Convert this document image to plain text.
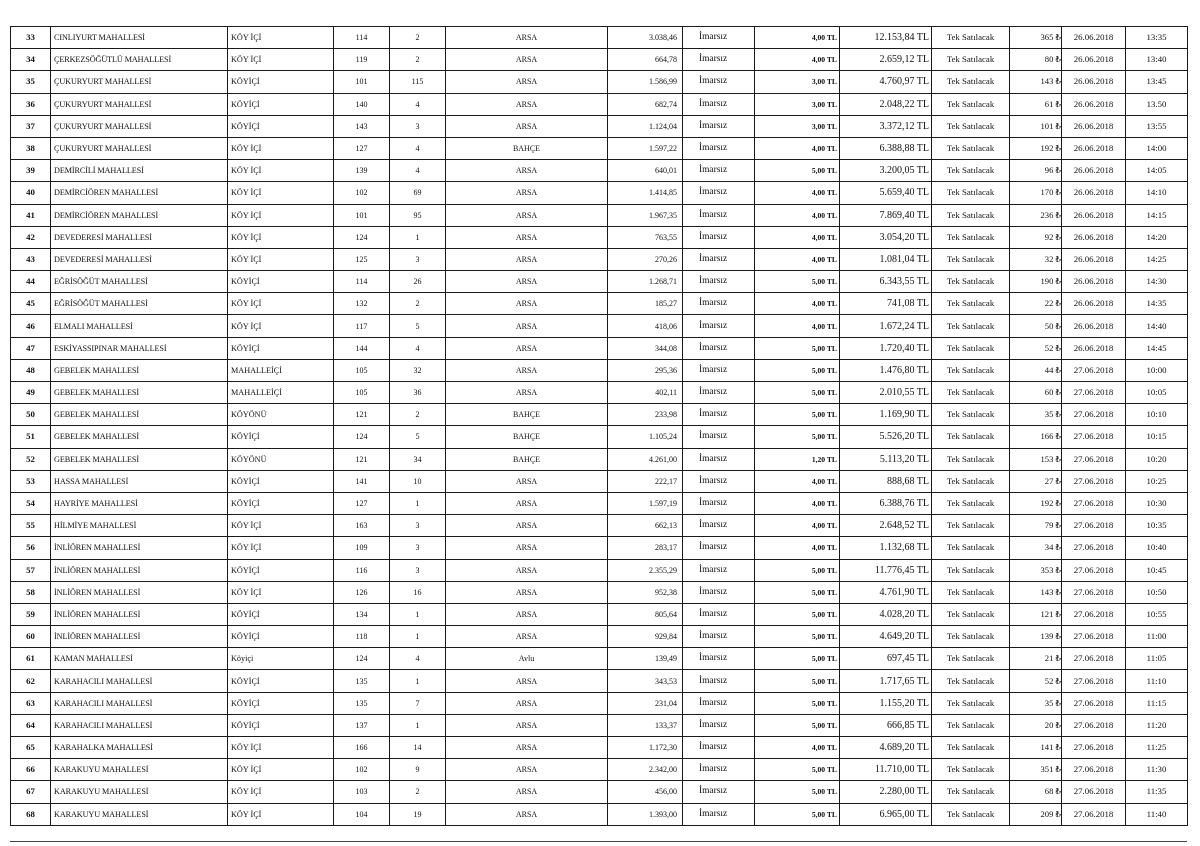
33	CINLIYURT MAHALLESİ	KÖY İÇİ	114	2	ARSA	3.038,46	İmarsız	4,00 TL	12.153,84 TL	Tek Satılacak	365 ₺	26.06.2018	13:35
34	ÇERKEZSÖĞÜTLÜ MAHALLESİ	KÖY İÇİ	119	2	ARSA	664,78	İmarsız	4,00 TL	2.659,12 TL	Tek Satılacak	80 ₺	26.06.2018	13:40
35	ÇUKURYURT MAHALLESİ	KÖYİÇİ	101	115	ARSA	1.586,99	İmarsız	3,00 TL	4.760,97 TL	Tek Satılacak	143 ₺	26.06.2018	13:45
36	ÇUKURYURT MAHALLESİ	KÖYİÇİ	140	4	ARSA	682,74	İmarsız	3,00 TL	2.048,22 TL	Tek Satılacak	61 ₺	26.06.2018	13.50
37	ÇUKURYURT MAHALLESİ	KÖYİÇİ	143	3	ARSA	1.124,04	İmarsız	3,00 TL	3.372,12 TL	Tek Satılacak	101 ₺	26.06.2018	13:55
38	ÇUKURYURT MAHALLESİ	KÖY İÇİ	127	4	BAHÇE	1.597,22	İmarsız	4,00 TL	6.388,88 TL	Tek Satılacak	192 ₺	26.06.2018	14:00
39	DEMİRCİLİ MAHALLESİ	KÖY İÇİ	139	4	ARSA	640,01	İmarsız	5,00 TL	3.200,05 TL	Tek Satılacak	96 ₺	26.06.2018	14:05
40	DEMİRCİÖREN MAHALLESİ	KÖY İÇİ	102	69	ARSA	1.414,85	İmarsız	4,00 TL	5.659,40 TL	Tek Satılacak	170 ₺	26.06.2018	14:10
41	DEMİRCİÖREN MAHALLESİ	KÖY İÇİ	101	95	ARSA	1.967,35	İmarsız	4,00 TL	7.869,40 TL	Tek Satılacak	236 ₺	26.06.2018	14:15
42	DEVEDERESİ MAHALLESİ	KÖY İÇİ	124	1	ARSA	763,55	İmarsız	4,00 TL	3.054,20 TL	Tek Satılacak	92 ₺	26.06.2018	14:20
43	DEVEDERESİ MAHALLESİ	KÖY İÇİ	125	3	ARSA	270,26	İmarsız	4,00 TL	1.081,04 TL	Tek Satılacak	32 ₺	26.06.2018	14:25
44	EĞRİSÖĞÜT MAHALLESİ	KÖYİÇİ	114	26	ARSA	1.268,71	İmarsız	5,00 TL	6.343,55 TL	Tek Satılacak	190 ₺	26.06.2018	14:30
45	EĞRİSÖĞÜT MAHALLESİ	KÖY İÇİ	132	2	ARSA	185,27	İmarsız	4,00 TL	741,08 TL	Tek Satılacak	22 ₺	26.06.2018	14:35
46	ELMALI MAHALLESİ	KÖY İÇİ	117	5	ARSA	418,06	İmarsız	4,00 TL	1.672,24 TL	Tek Satılacak	50 ₺	26.06.2018	14:40
47	ESKİYASSIPINAR MAHALLESİ	KÖYİÇİ	144	4	ARSA	344,08	İmarsız	5,00 TL	1.720,40 TL	Tek Satılacak	52 ₺	26.06.2018	14:45
48	GEBELEK MAHALLESİ	MAHALLEİÇİ	105	32	ARSA	295,36	İmarsız	5,00 TL	1.476,80 TL	Tek Satılacak	44 ₺	27.06.2018	10:00
49	GEBELEK MAHALLESİ	MAHALLEİÇİ	105	36	ARSA	402,11	İmarsız	5,00 TL	2.010,55 TL	Tek Satılacak	60 ₺	27.06.2018	10:05
50	GEBELEK MAHALLESİ	KÖYÖNÜ	121	2	BAHÇE	233,98	İmarsız	5,00 TL	1.169,90 TL	Tek Satılacak	35 ₺	27.06.2018	10:10
51	GEBELEK MAHALLESİ	KÖYİÇİ	124	5	BAHÇE	1.105,24	İmarsız	5,00 TL	5.526,20 TL	Tek Satılacak	166 ₺	27.06.2018	10:15
52	GEBELEK MAHALLESİ	KÖYÖNÜ	121	34	BAHÇE	4.261,00	İmarsız	1,20 TL	5.113,20 TL	Tek Satılacak	153 ₺	27.06.2018	10:20
53	HASSA MAHALLESİ	KÖYİÇİ	141	10	ARSA	222,17	İmarsız	4,00 TL	888,68 TL	Tek Satılacak	27 ₺	27.06.2018	10:25
54	HAYRİYE MAHALLESİ	KÖYİÇİ	127	1	ARSA	1.597,19	İmarsız	4,00 TL	6.388,76 TL	Tek Satılacak	192 ₺	27.06.2018	10:30
55	HİLMİYE MAHALLESİ	KÖY İÇİ	163	3	ARSA	662,13	İmarsız	4,00 TL	2.648,52 TL	Tek Satılacak	79 ₺	27.06.2018	10:35
56	İNLİÖREN MAHALLESİ	KÖY İÇİ	109	3	ARSA	283,17	İmarsız	4,00 TL	1.132,68 TL	Tek Satılacak	34 ₺	27.06.2018	10:40
57	İNLİÖREN MAHALLESİ	KÖYİÇİ	116	3	ARSA	2.355,29	İmarsız	5,00 TL	11.776,45 TL	Tek Satılacak	353 ₺	27.06.2018	10:45
58	İNLİÖREN MAHALLESİ	KÖY İÇİ	126	16	ARSA	952,38	İmarsız	5,00 TL	4.761,90 TL	Tek Satılacak	143 ₺	27.06.2018	10:50
59	İNLİÖREN MAHALLESİ	KÖYİÇİ	134	1	ARSA	805,64	İmarsız	5,00 TL	4.028,20 TL	Tek Satılacak	121 ₺	27.06.2018	10:55
60	İNLİÖREN MAHALLESİ	KÖYİÇİ	118	1	ARSA	929,84	İmarsız	5,00 TL	4.649,20 TL	Tek Satılacak	139 ₺	27.06.2018	11:00
61	KAMAN MAHALLESİ	Köyiçi	124	4	Avlu	139,49	İmarsız	5,00 TL	697,45 TL	Tek Satılacak	21 ₺	27.06.2018	11:05
62	KARAHACILI MAHALLESİ	KÖYİÇİ	135	1	ARSA	343,53	İmarsız	5,00 TL	1.717,65 TL	Tek Satılacak	52 ₺	27.06.2018	11:10
63	KARAHACILI MAHALLESİ	KÖYİÇİ	135	7	ARSA	231,04	İmarsız	5,00 TL	1.155,20 TL	Tek Satılacak	35 ₺	27.06.2018	11:15
64	KARAHACILI MAHALLESİ	KÖYİÇİ	137	1	ARSA	133,37	İmarsız	5,00 TL	666,85 TL	Tek Satılacak	20 ₺	27.06.2018	11:20
65	KARAHALKA MAHALLESİ	KÖY İÇİ	166	14	ARSA	1.172,30	İmarsız	4,00 TL	4.689,20 TL	Tek Satılacak	141 ₺	27.06.2018	11:25
66	KARAKUYU MAHALLESİ	KÖY İÇİ	102	9	ARSA	2.342,00	İmarsız	5,00 TL	11.710,00 TL	Tek Satılacak	351 ₺	27.06.2018	11:30
67	KARAKUYU MAHALLESİ	KÖY İÇİ	103	2	ARSA	456,00	İmarsız	5,00 TL	2.280,00 TL	Tek Satılacak	68 ₺	27.06.2018	11:35
68	KARAKUYU MAHALLESİ	KÖY İÇİ	104	19	ARSA	1.393,00	İmarsız	5,00 TL	6.965,00 TL	Tek Satılacak	209 ₺	27.06.2018	11:40
